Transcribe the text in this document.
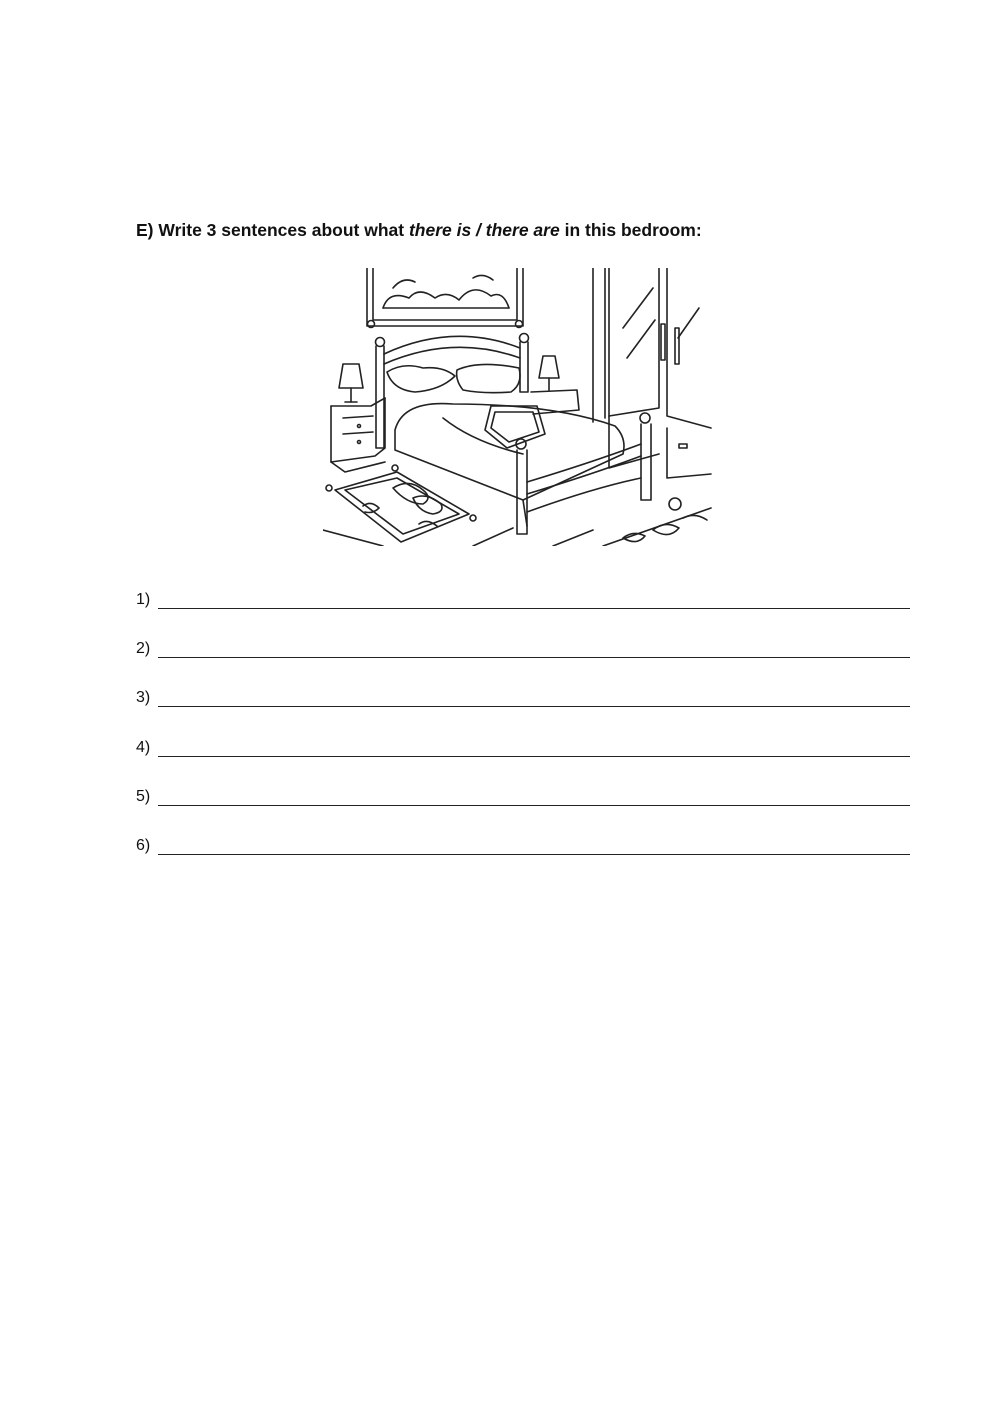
E) Write 3 sentences about what there is / there are in this bedroom:
1)
2)
3)
4)
5)
6)
